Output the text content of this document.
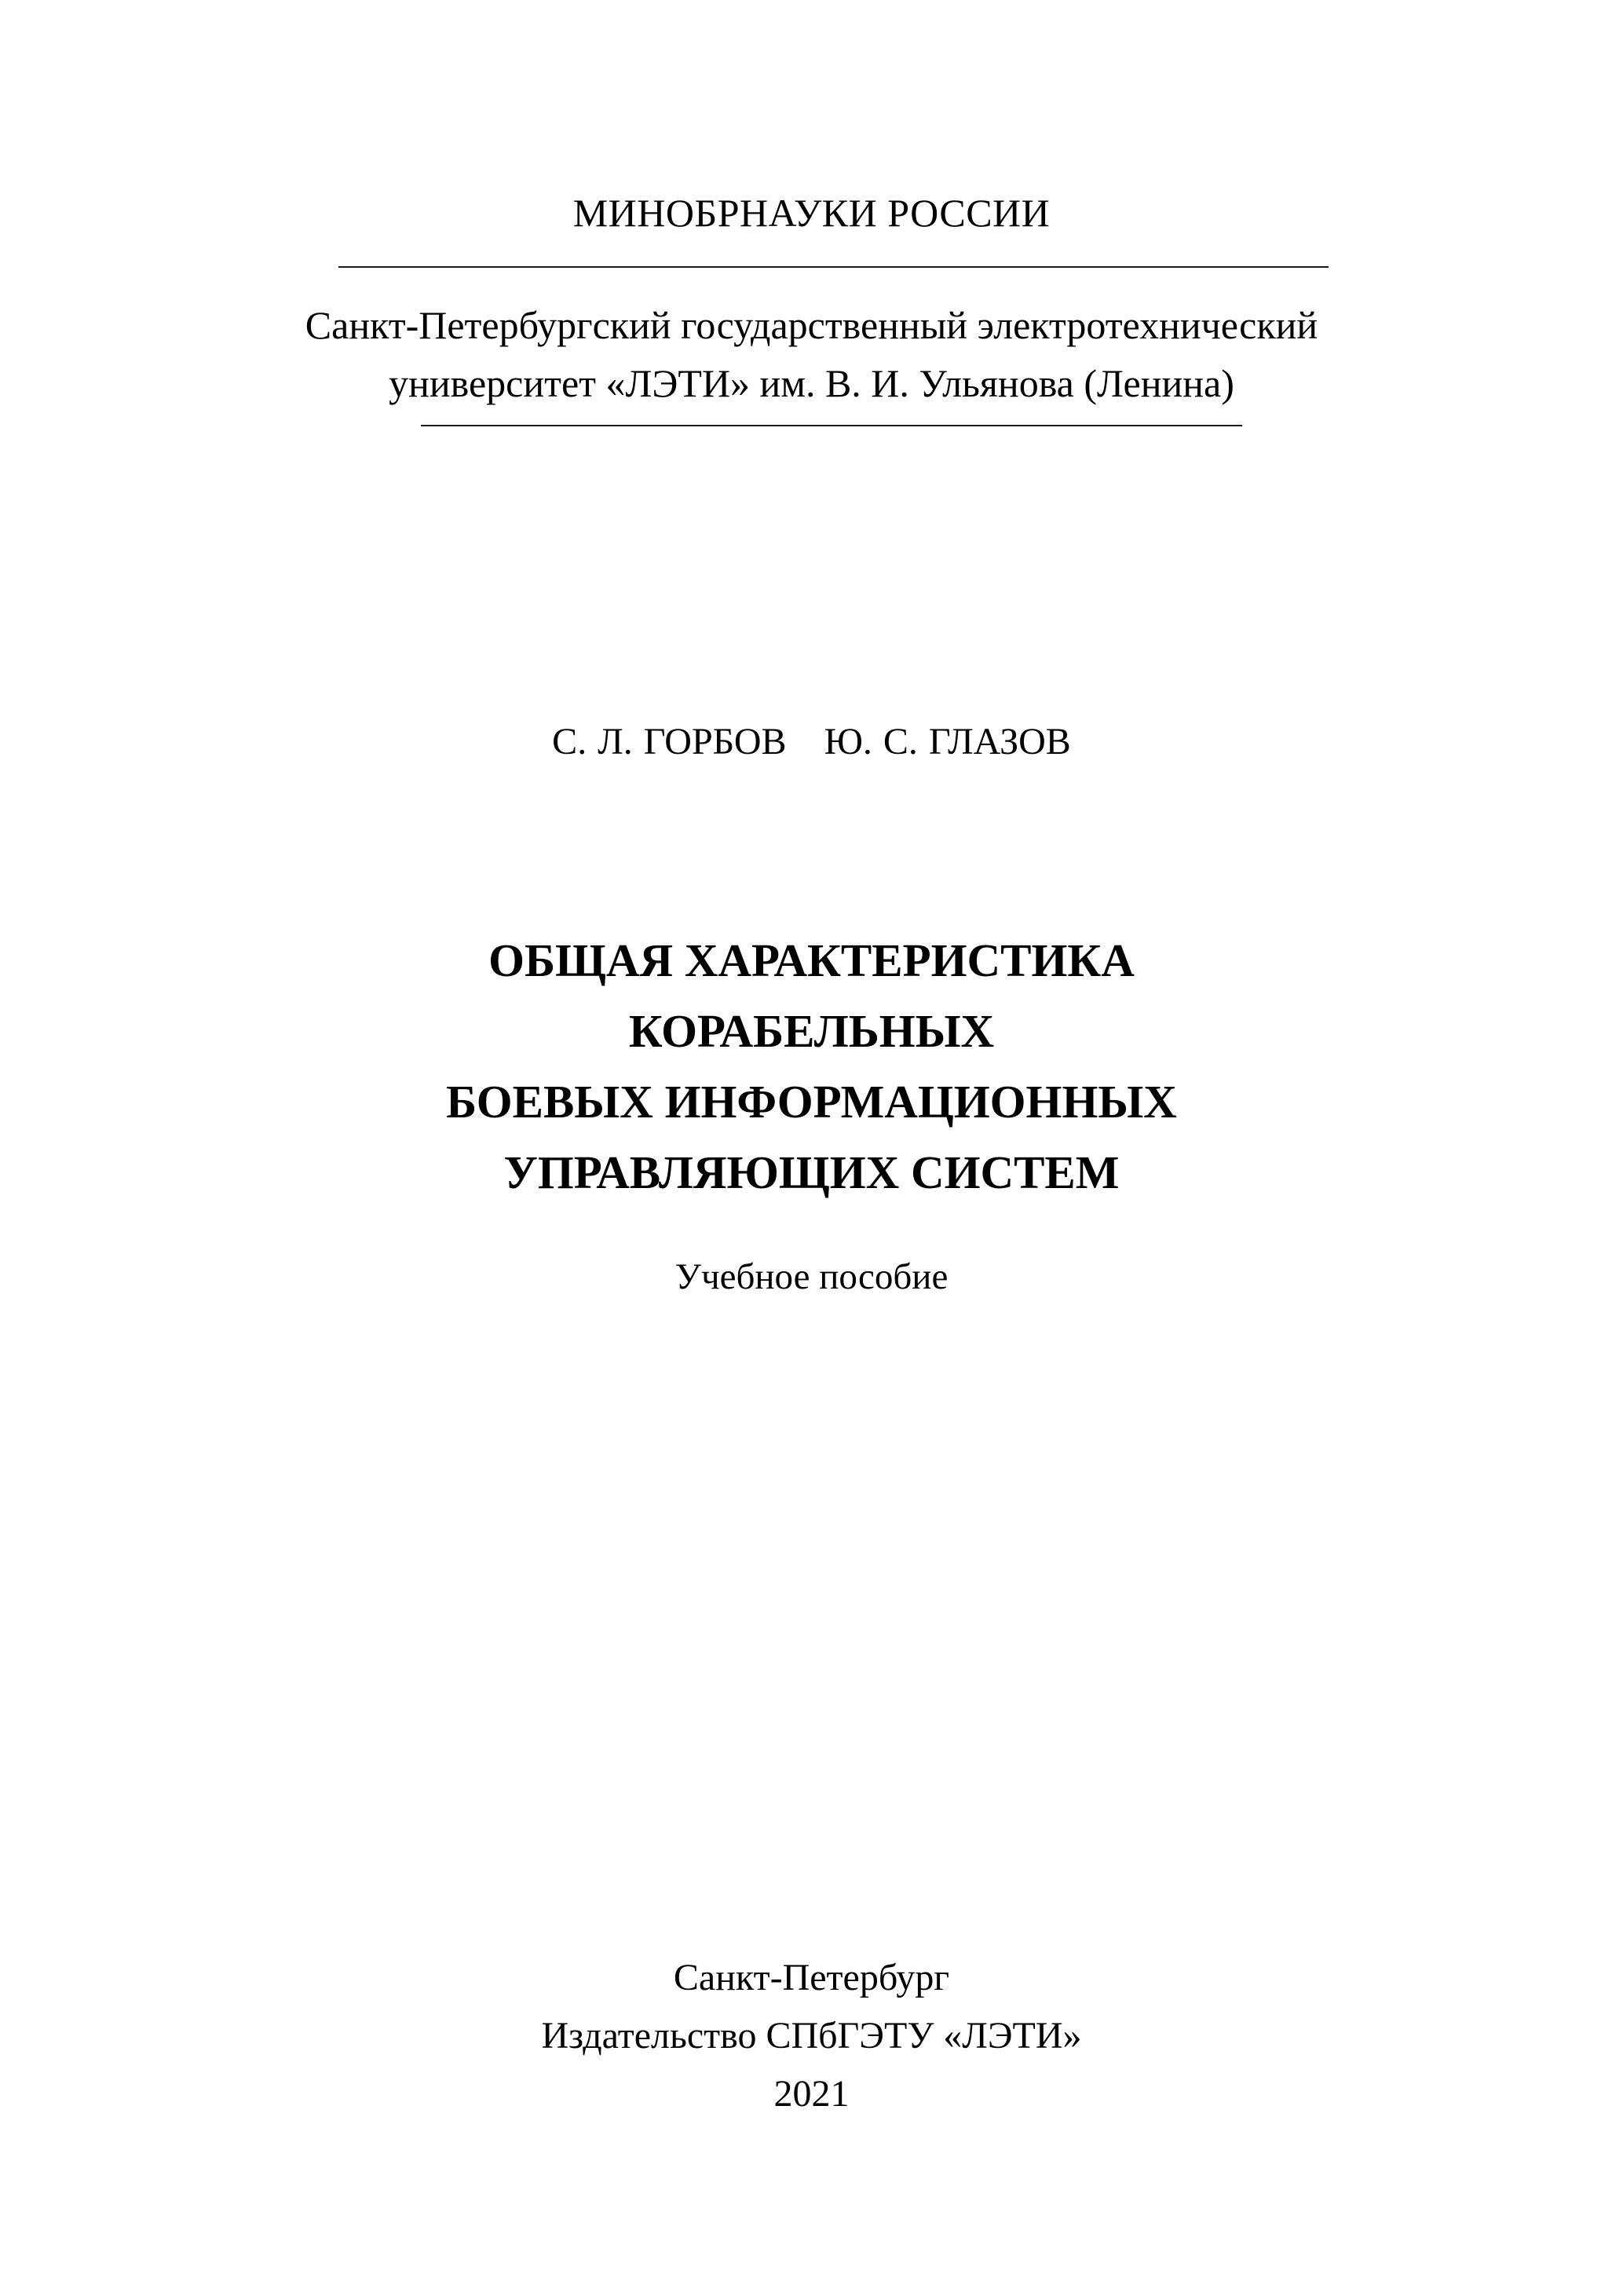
МИНОБРНАУКИ РОССИИ
Санкт-Петербургский государственный электротехнический
университет «ЛЭТИ» им. В. И. Ульянова (Ленина)
С. Л. ГОРБОВ Ю. С. ГЛАЗОВ
ОБЩАЯ ХАРАКТЕРИСТИКА
КОРАБЕЛЬНЫХ
БОЕВЫХ ИНФОРМАЦИОННЫХ
УПРАВЛЯЮЩИХ СИСТЕМ
Учебное пособие
Санкт-Петербург
Издательство СПбГЭТУ «ЛЭТИ»
2021
